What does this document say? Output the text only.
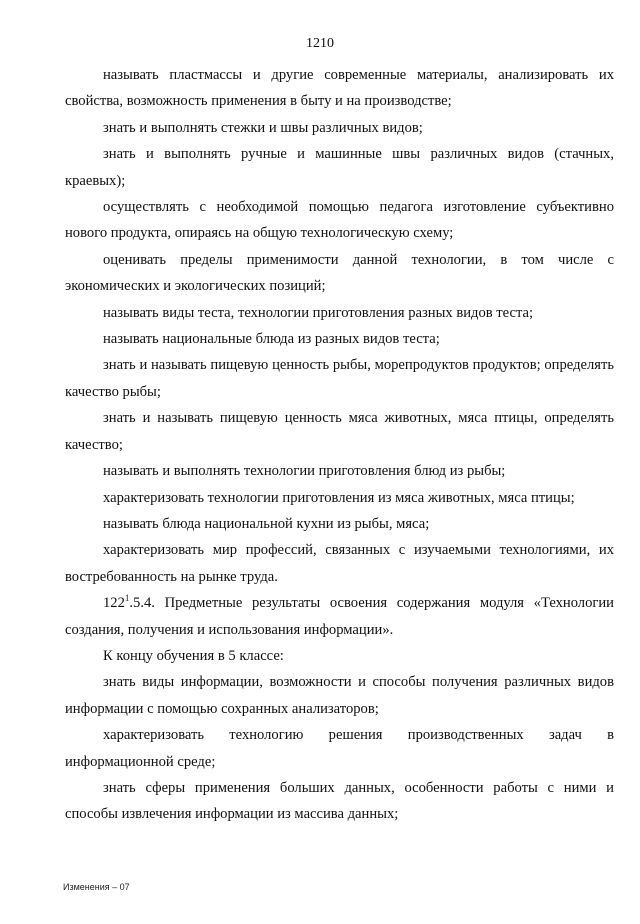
1210

называть пластмассы и другие современные материалы, анализировать их свойства, возможность применения в быту и на производстве;

знать и выполнять стежки и швы различных видов;

знать и выполнять ручные и машинные швы различных видов (стачных, краевых);

осуществлять с необходимой помощью педагога изготовление субъективно нового продукта, опираясь на общую технологическую схему;

оценивать пределы применимости данной технологии, в том числе с экономических и экологических позиций;

называть виды теста, технологии приготовления разных видов теста;

называть национальные блюда из разных видов теста;

знать и называть пищевую ценность рыбы, морепродуктов продуктов; определять качество рыбы;

знать и называть пищевую ценность мяса животных, мяса птицы, определять качество;

называть и выполнять технологии приготовления блюд из рыбы;

характеризовать технологии приготовления из мяса животных, мяса птицы;

называть блюда национальной кухни из рыбы, мяса;

характеризовать мир профессий, связанных с изучаемыми технологиями, их востребованность на рынке труда.

$122^1.5.4$. Предметные результаты освоения содержания модуля «Технологии создания, получения и использования информации».

К концу обучения в 5 классе:

знать виды информации, возможности и способы получения различных видов информации с помощью сохранных анализаторов;

характеризовать технологию решения производственных задач в информационной среде;

знать сферы применения больших данных, особенности работы с ними и способы извлечения информации из массива данных;

Изменения – 07
